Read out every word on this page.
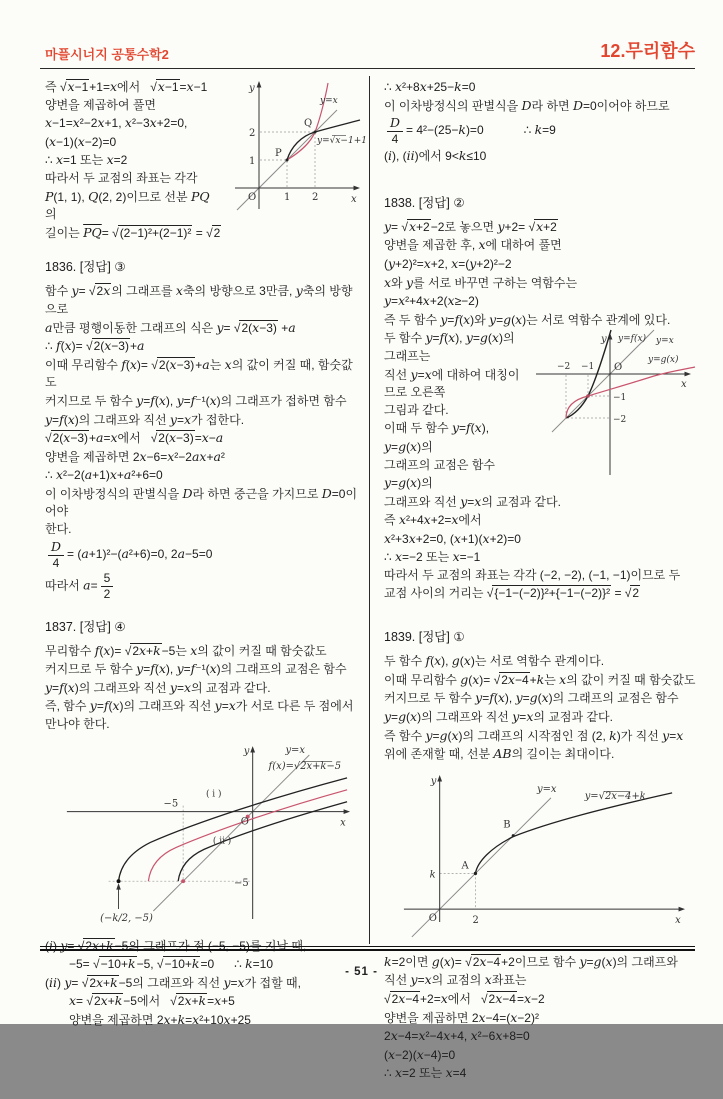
마플시너지 공통수학2	12.무리함수
y
x
O	1 2
1
2
P
Q
y=x
y=√x−1+1
즉 √x−1+1=x에서   √x−1=x−1
양변을 제곱하여 풀면
x−1=x²−2x+1, x²−3x+2=0,
(x−1)(x−2)=0
∴ x=1 또는 x=2
따라서 두 교점의 좌표는 각각
P(1, 1), Q(2, 2)이므로 선분 PQ의
길이는 $\overline{PQ}= √(2-1)^2+(2-1)^2 = √2$
1836. [정답] ③
함수 y= √2x의 그래프를 x축의 방향으로 3만큼, y축의 방향으로
a만큼 평행이동한 그래프의 식은 y= √2(x−3) +a
∴ f(x)= √2(x−3)+a
이때 무리함수 f(x)= √2(x−3)+a는 x의 값이 커질 때, 함숫값도
커지므로 두 함수 y=f(x), y=f⁻¹(x)의 그래프가 접하면 함수
y=f(x)의 그래프와 직선 y=x가 접한다.
√2(x−3)+a=x에서   √2(x−3)=x−a
양변을 제곱하면 2x−6=x²−2ax+a²
∴ x²−2(a+1)x+a²+6=0
이 이차방정식의 판별식을 D라 하면 중근을 가지므로 D=0이어야
한다.
$\frac{D}{4} = (a+1)^2-(a^2+6)=0$, 2a−5=0
따라서 $a= \frac{5}{2}$
1837. [정답] ④
무리함수 f(x)= √2x+k−5는 x의 값이 커질 때 함숫값도
커지므로 두 함수 y=f(x), y=f⁻¹(x)의 그래프의 교점은 함수
y=f(x)의 그래프와 직선 y=x의 교점과 같다.
즉, 함수 y=f(x)의 그래프와 직선 y=x가 서로 다른 두 점에서
만나야 한다.
y
x
O
y=x
f(x)=√2x+k−5
( i )
( ii )
−5
−5
(−k/2, −5)
(i) y= √2x+k−5의 그래프가 점 (−5, −5)를 지날 때,
−5= √−10+k−5, √−10+k=0      ∴ k=10
(ii) y= √2x+k−5의 그래프와 직선 y=x가 접할 때,
x= √2x+k−5에서   √2x+k=x+5
양변을 제곱하면 2x+k=x²+10x+25
∴ x²+8x+25−k=0
이 이차방정식의 판별식을 D라 하면 D=0이어야 하므로
$\frac{D}{4} = 4^2-(25-k)=0$            ∴ k=9
(i), (ii)에서 9<k≤10
1838. [정답] ②
y= √x+2−2로 놓으면 y+2= √x+2
양변을 제곱한 후, x에 대하여 풀면
(y+2)²=x+2, x=(y+2)²−2
x와 y를 서로 바꾸면 구하는 역함수는
y=x²+4x+2(x≥−2)
즉 두 함수 y=f(x)와 y=g(x)는 서로 역함수 관계에 있다.
y
x
O
y=f(x) y=x
y=g(x)
−2 −1
−1
−2
두 함수 y=f(x), y=g(x)의 그래프는
직선 y=x에 대하여 대칭이므로 오른쪽
그림과 같다.
이때 두 함수 y=f(x), y=g(x)의
그래프의 교점은 함수 y=g(x)의
그래프와 직선 y=x의 교점과 같다.
즉 x²+4x+2=x에서
x²+3x+2=0, (x+1)(x+2)=0
∴ x=−2 또는 x=−1
따라서 두 교점의 좌표는 각각 (−2, −2), (−1, −1)이므로 두
교점 사이의 거리는 √{−1−(−2)}²+{−1−(−2)}² = √2
1839. [정답] ①
두 함수 f(x), g(x)는 서로 역함수 관계이다.
이때 무리함수 g(x)= √2x−4+k는 x의 값이 커질 때 함숫값도
커지므로 두 함수 y=f(x), y=g(x)의 그래프의 교점은 함수
y=g(x)의 그래프와 직선 y=x의 교점과 같다.
즉 함수 y=g(x)의 그래프의 시작점인 점 (2, k)가 직선 y=x
위에 존재할 때, 선분 AB의 길이는 최대이다.
y
x
O
y=x
y=√2x−4+k
k
2
A
B
k=2이면 g(x)= √2x−4+2이므로 함수 y=g(x)의 그래프와
직선 y=x의 교점의 x좌표는
√2x−4+2=x에서   √2x−4=x−2
양변을 제곱하면 2x−4=(x−2)²
2x−4=x²−4x+4, x²−6x+8=0
(x−2)(x−4)=0
∴ x=2 또는 x=4
- 51 -
